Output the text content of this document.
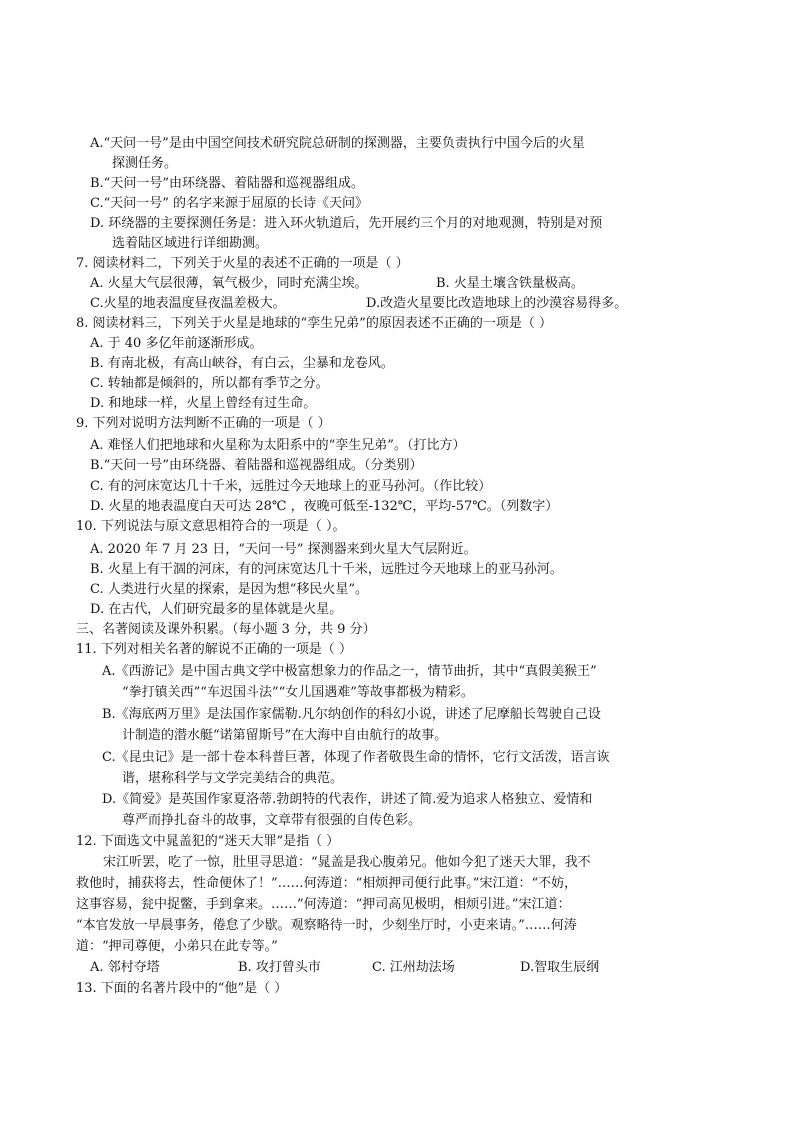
A.“天问一号”是由中国空间技术研究院总研制的探测器，主要负责执行中国今后的火星
探测任务。
B.“天问一号”由环绕器、着陆器和巡视器组成。
C.“天问一号” 的名字来源于屈原的长诗《天问》
D. 环绕器的主要探测任务是：进入环火轨道后，先开展约三个月的对地观测，特别是对预
选着陆区域进行详细勘测。
7. 阅读材料二，下列关于火星的表述不正确的一项是（ ）
A. 火星大气层很薄，氧气极少，同时充满尘埃。	B. 火星土壤含铁量极高。
C.火星的地表温度昼夜温差极大。	D.改造火星要比改造地球上的沙漠容易得多。
8. 阅读材料三，下列关于火星是地球的“孪生兄弟”的原因表述不正确的一项是（ ）
A. 于 40 多亿年前逐渐形成。
B. 有南北极，有高山峡谷，有白云，尘暴和龙卷风。
C. 转轴都是倾斜的，所以都有季节之分。
D. 和地球一样，火星上曾经有过生命。
9. 下列对说明方法判断不正确的一项是（ ）
A. 难怪人们把地球和火星称为太阳系中的“孪生兄弟”。（打比方）
B.“天问一号”由环绕器、着陆器和巡视器组成。（分类别）
C. 有的河床宽达几十千米，远胜过今天地球上的亚马孙河。（作比较）
D. 火星的地表温度白天可达 28℃ ，夜晚可低至-132℃，平均-57℃。（列数字）
10. 下列说法与原文意思相符合的一项是（ ）。
A. 2020 年 7 月 23 日，“天问一号” 探测器来到火星大气层附近。
B. 火星上有干涸的河床，有的河床宽达几十千米，远胜过今天地球上的亚马孙河。
C. 人类进行火星的探索，是因为想“移民火星”。
D. 在古代，人们研究最多的星体就是火星。
三、名著阅读及课外积累。（每小题 3 分，共 9 分）
11. 下列对相关名著的解说不正确的一项是（ ）
A.《西游记》是中国古典文学中极富想象力的作品之一，情节曲折，其中“真假美猴王”
“拳打镇关西”“车迟国斗法”“女儿国遇难”等故事都极为精彩。
B.《海底两万里》是法国作家儒勒.凡尔纳创作的科幻小说，讲述了尼摩船长驾驶自己设
计制造的潜水艇“诺第留斯号”在大海中自由航行的故事。
C.《昆虫记》是一部十卷本科普巨著，体现了作者敬畏生命的情怀，它行文活泼，语言诙
谐，堪称科学与文学完美结合的典范。
D.《简爱》是英国作家夏洛蒂.勃朗特的代表作，讲述了简.爱为追求人格独立、爱情和
尊严而挣扎奋斗的故事，文章带有很强的自传色彩。
12. 下面选文中晁盖犯的“迷天大罪”是指（ ）
宋江听罢，吃了一惊，肚里寻思道：“晁盖是我心腹弟兄。他如今犯了迷天大罪，我不
救他时，捕获将去，性命便休了！”……何涛道：“相烦押司便行此事。”宋江道：“不妨，
这事容易，瓮中捉鳖，手到拿来。……”何涛道：“押司高见极明，相烦引进。”宋江道：
“本官发放一早晨事务，倦怠了少歇。观察略待一时，少刻坐厅时，小吏来请。”……何涛
道：“押司尊便，小弟只在此专等。”
A. 邻村夺塔	B. 攻打曾头市	C. 江州劫法场	D.智取生辰纲
13. 下面的名著片段中的“他”是（ ）
